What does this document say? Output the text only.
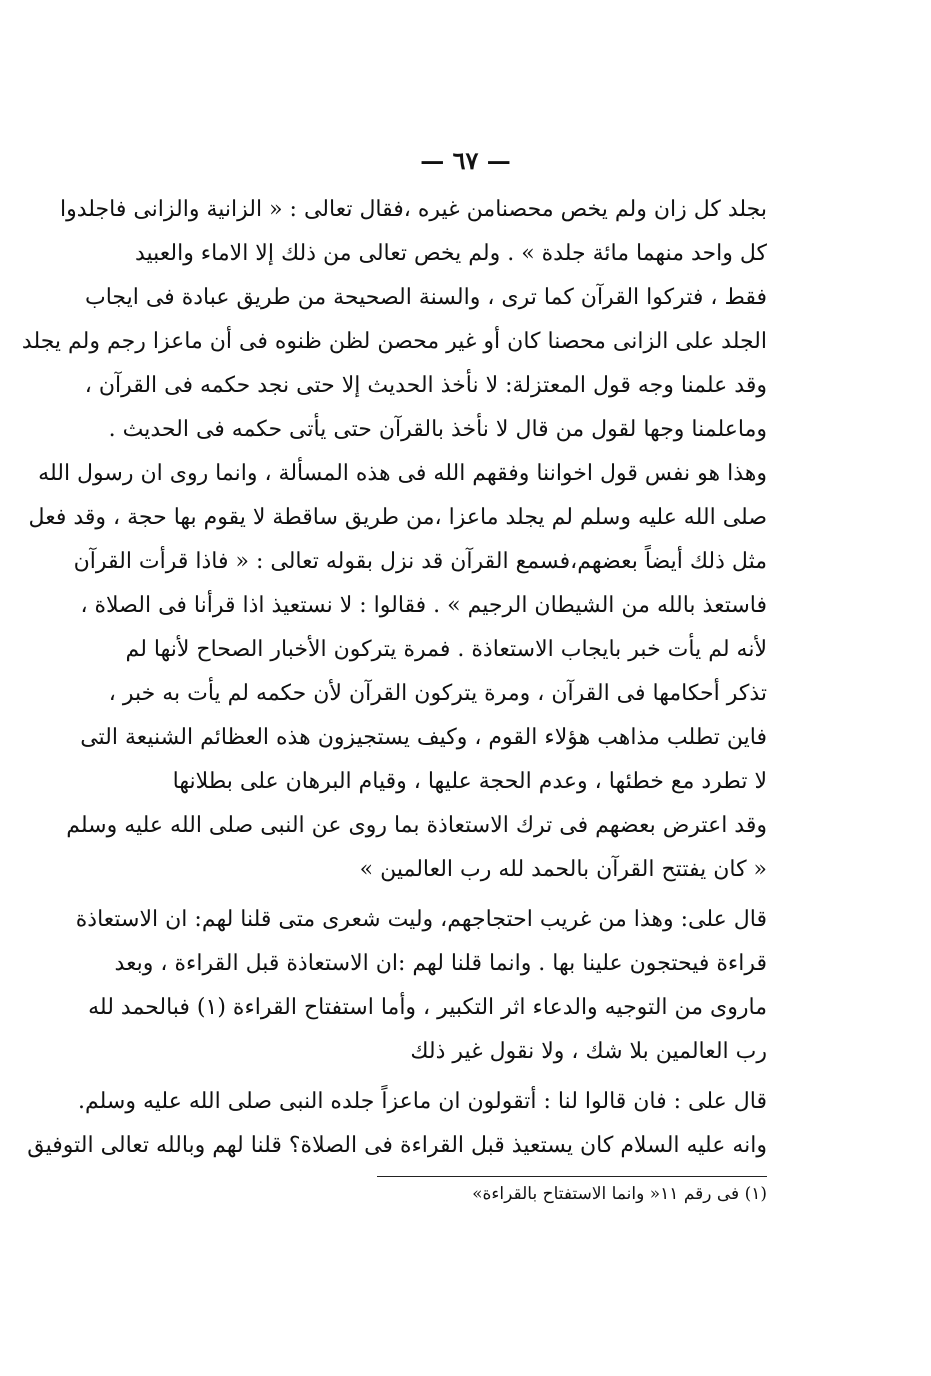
— ٦٧ —
بجلد كل زان ولم يخص محصنامن غيره ،فقال تعالى : « الزانية والزانى فاجلدوا
كل واحد منهما مائة جلدة » . ولم يخص تعالى من ذلك إلا الاماء والعبيد
فقط ، فتركوا القرآن كما ترى ، والسنة الصحيحة من طريق عبادة فى ايجاب
الجلد على الزانى محصنا كان أو غير محصن لظن ظنوه فى أن ماعزا رجم ولم يجلد
وقد علمنا وجه قول المعتزلة: لا نأخذ الحديث إلا حتى نجد حكمه فى القرآن ،
وماعلمنا وجها لقول من قال لا نأخذ بالقرآن حتى يأتى حكمه فى الحديث .
وهذا هو نفس قول اخواننا وفقهم الله فى هذه المسألة ، وانما روى ان رسول الله
صلى الله عليه وسلم لم يجلد ماعزا ،من طريق ساقطة لا يقوم بها حجة ، وقد فعل
مثل ذلك أيضاً بعضهم،فسمع القرآن قد نزل بقوله تعالى : « فاذا قرأت القرآن
فاستعذ بالله من الشيطان الرجيم » . فقالوا : لا نستعيذ اذا قرأنا فى الصلاة ،
لأنه لم يأت خبر بايجاب الاستعاذة . فمرة يتركون الأخبار الصحاح لأنها لم
تذكر أحكامها فى القرآن ، ومرة يتركون القرآن لأن حكمه لم يأت به خبر ،
فاين تطلب مذاهب هؤلاء القوم ، وكيف يستجيزون هذه العظائم الشنيعة التى
لا تطرد مع خطئها ، وعدم الحجة عليها ، وقيام البرهان على بطلانها
وقد اعترض بعضهم فى ترك الاستعاذة بما روى عن النبى صلى الله عليه وسلم
« كان يفتتح القرآن بالحمد لله رب العالمين »
قال على: وهذا من غريب احتجاجهم، وليت شعرى متى قلنا لهم: ان الاستعاذة
قراءة فيحتجون علينا بها . وانما قلنا لهم :ان الاستعاذة قبل القراءة ، وبعد
ماروى من التوجيه والدعاء اثر التكبير ، وأما استفتاح القراءة (١) فبالحمد لله
رب العالمين بلا شك ، ولا نقول غير ذلك
قال على : فان قالوا لنا : أتقولون ان ماعزاً جلده النبى صلى الله عليه وسلم.
وانه عليه السلام كان يستعيذ قبل القراءة فى الصلاة؟ قلنا لهم وبالله تعالى التوفيق
(١) فى رقم ١١« وانما الاستفتاح بالقراءة»
